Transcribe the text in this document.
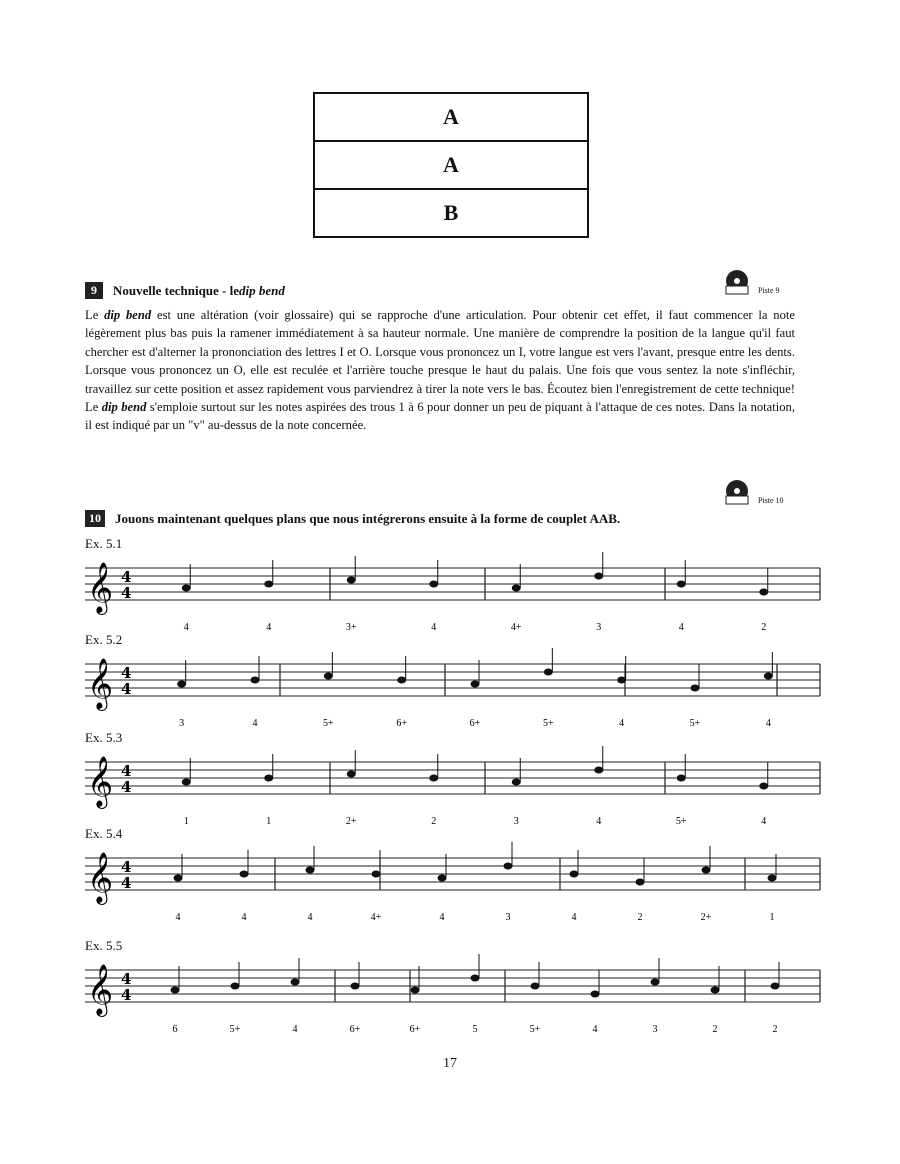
A
A
B
9	Nouvelle technique - le dip bend	Piste 9
Le dip bend est une altération (voir glossaire) qui se rapproche d'une articulation. Pour obtenir cet effet, il faut commencer la note légèrement plus bas puis la ramener immédiatement à sa hauteur normale. Une manière de comprendre la position de la langue qu'il faut chercher est d'alterner la prononciation des lettres I et O. Lorsque vous prononcez un I, votre langue est vers l'avant, presque entre les dents. Lorsque vous prononcez un O, elle est reculée et l'arrière touche presque le haut du palais. Une fois que vous sentez la note s'infléchir, travaillez sur cette position et assez rapidement vous parviendrez à tirer la note vers le bas. Écoutez bien l'enregistrement de cette technique! Le dip bend s'emploie surtout sur les notes aspirées des trous 1 à 6 pour donner un peu de piquant à l'attaque de ces notes. Dans la notation, il est indiqué par un "v" au-dessus de la note concernée.
Piste 10
10	Jouons maintenant quelques plans que nous intégrerons ensuite à la forme de couplet AAB.
Ex. 5.1
𝄞 4
4
4	4	3+	4	4+	3	4	2
Ex. 5.2
𝄞 4
4
3	4	5+	6+	6+	5+	4	5+	4
Ex. 5.3
𝄞 4
4
1	1	2+	2	3	4	5+	4
Ex. 5.4
𝄞 4
4
4	4	4	4+	4	3	4	2	2+	1
Ex. 5.5
𝄞 4
4
6	5+	4	6+	6+	5	5+	4	3	2	2
17
